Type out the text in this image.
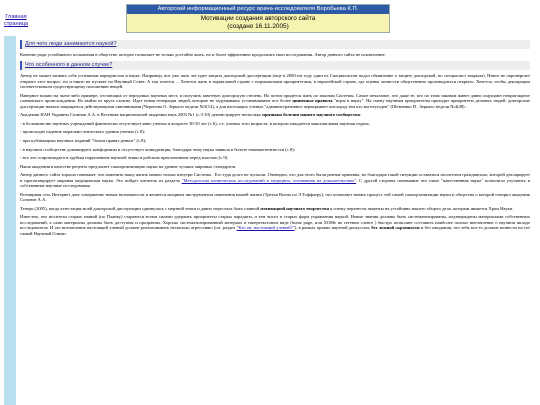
Главная страница
Авторский информационный ресурс врача-исследователя Воробьева К.П.
Мотивации создания авторского сайта
(создано 16.11.2005)
Для чего люди занимаются наукой?

Конечно ради устойчивого положения в обществе, которое позволяет не только достойно жить, но и более эффективно продолжать свои исследования. Автор данного сайта не исключение.

Что особенного в данном случае?

Автор не может назвать себя успешным карьеристом в науке. Например, вот уже пять лет идет защита докторской диссертации (еще в 2000-ом году один из Специалистов подал объявление о защите докторской, но специалист закрыла). Никто не опровергает открыто этот вопрос, но и никто не пускает на Научный Совет. А так хочется ... Хочется жить в нормальной стране с нормальными приоритетами, в европейской стране, где оценка личности общественно производиться открыто. Хочется, чтобы декларации соответствовали существующему положению вещей.

Наверное можно на чьем-либо примере, отстающих от передовых научных мест, и получить заветную докторскую степень. Но потом придётся жить по законам Системы. Самое печальное, что даже те, кто по этим законам живет давно ощущают неприглядное славянского происхождения. Но выйти из круга сложно. Идет новая генерация людей, которые не задумываясь устанавливают все более циничные правила "игры в науку". На смену научным приоритетам приходят приоритеты деловых людей, докторские диссертации начали защищаться действующими чиновниками (Черепова О. Зеркало недели №5(14), а для настоящих ученых "административное перекрывает кислород тем кто им неугоден" (Шевченко И . Зеркало недели №4(48) .

Академик НАН Украины Созинов А.А. в Вестнике национальной академии наук 2003 №1 (с.3-10) демонстрирует несколько признаки болезни нашего научного сообщества:

- в большинстве научных учреждений фактически отсутствует явно ученых в возрасте 30-50 лет (с.6), т.е. ученых того возраста, в котором ожидается максимальная научная отдача;

- происходит падение морально-этического уровня ученых (с.8);

- при публикациях научных изданий "балом правят деньги" (с.8);

- в научном сообществе доминируют конформизм и отсутствует конкуренция, благодаря чему наука заявила в болоте некомпетентности (с.8);

- все это сопровождается грубым нарушением научной этики и рабским преклонением перед властью (с.9).

Наша академия в качестве рецепта предлагает самоорганизацию науки на уровне лучших мировых стандартов.

Автор данного сайта хорошо понимает, что изменить нашу жизнь можно только изнутри Системы . Его туда долго не пускали. Очевидно, что для этого были разные причины, но благодаря такой ситуации оставаться носителем гражданских, которой декларирует и пропагандирует мировая медицинская наука. Это пойдет читатель из раздела "Методология клинических исследований и медицина, основанная на доказательствах". С другой стороны понимание что такое "качественная наука" позволило улучшить и собственные научные исследования.

Всемирная сеть Интернет дает совершенно новые возможности и является мощным инструментом изменения нашей жизни (Третья Волна по Э.Тоффлеру), что позволяет начать процесс той самой самоорганизации науки и общества о которой говорил академик Созинов А.А.

Теперь (2005), когда аттестация моей докторской диссертации сдвинулась с мертвой точки и давно перестала быть главной мотивацией научного творчества я спешу перенести акценты на устойчиво нашего общего дела, которым является Храм Науки.

Известно, что носители старых знаний (по Планку) стараются всеми силами удержать приоритеты старых парадигм, и тем чисел и старых форм управления наукой. Новые знания должны быть систематизированы, подтверждены материалами собственных исследований, а сами материалы должны быть доступны и прозрачны. Хорошо систематизированный материал в гипертекстовом виде (home page, или ХОМе на сетевом сленге ) быстро позволяет составить наиболее полное впечатление о научном вкладе исследователя. И это впечатление настоящий ученый должен реализовывать несколько агрессивно (см. раздел "Кто он, настоящий ученый?"), в рамках правил научной дискуссии, без ложной скромности и без ожидания, что тебя кто-то должен вознести на тот самый Научный Олимп.
